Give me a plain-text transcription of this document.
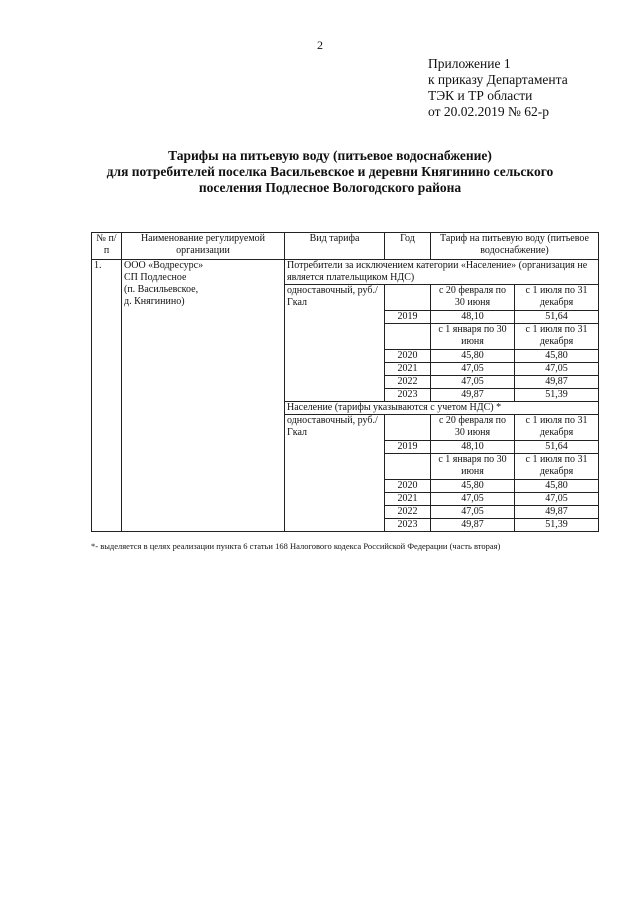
2
Приложение 1
к приказу Департамента
ТЭК и ТР области
от 20.02.2019 № 62-р
Тарифы на питьевую воду (питьевое водоснабжение)
для потребителей поселка Васильевское и деревни Княгинино сельского
поселения Подлесное Вологодского района
№ п/п	Наименование регулируемой организации	Вид тарифа	Год	Тариф на питьевую воду (питьевое водоснабжение)	
1.	ООО «Водресурс»
СП Подлесное
(п. Васильевское,
д. Княгинино)	Потребители за исключением категории «Население» (организация не является плательщиком НДС)			
		одноставочный, руб./Гкал		с 20 февраля по 30 июня	с 1 июля по 31 декабря
			2019	48,10	51,64
				с 1 января по 30 июня	с 1 июля по 31 декабря
			2020	45,80	45,80
			2021	47,05	47,05
			2022	47,05	49,87
			2023	49,87	51,39
		Население (тарифы указываются с учетом НДС) *			
		одноставочный, руб./Гкал		с 20 февраля по 30 июня	с 1 июля по 31 декабря
			2019	48,10	51,64
				с 1 января по 30 июня	с 1 июля по 31 декабря
			2020	45,80	45,80
			2021	47,05	47,05
			2022	47,05	49,87
			2023	49,87	51,39
*- выделяется в целях реализации пункта 6 статьи 168 Налогового кодекса Российской Федерации (часть вторая)
